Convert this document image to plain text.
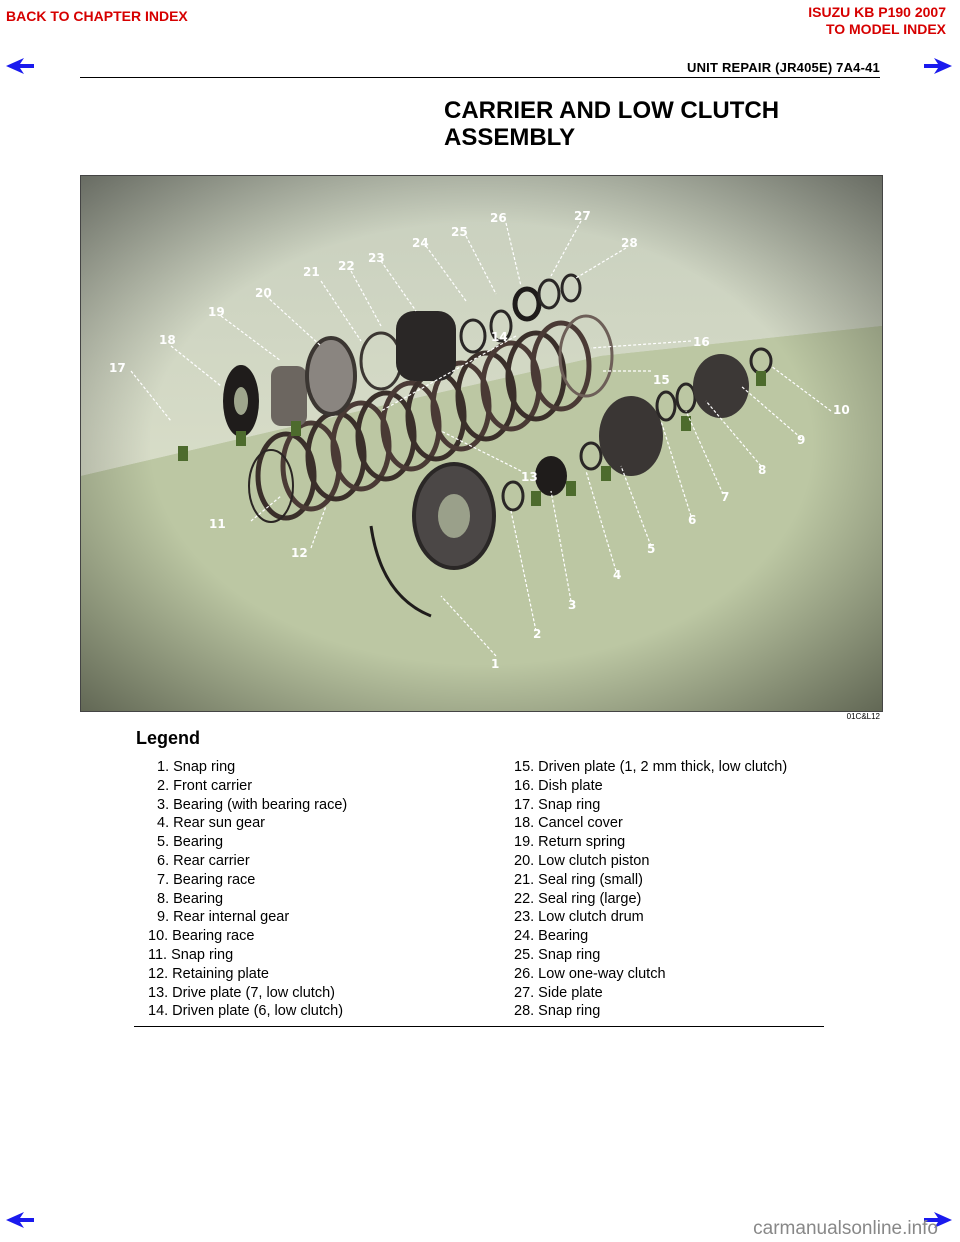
BACK TO CHAPTER INDEX	ISUZU KB P190 2007
TO MODEL INDEX
UNIT REPAIR (JR405E) 7A4-41
CARRIER AND LOW CLUTCH
ASSEMBLY
1
2
3
4
5
6
7
8
9
10
11
12
13
14
15
16
17
18
19
20
21 22
23
24
25
26	27
28
01C&L12
Legend
1. Snap ring
2. Front carrier
3. Bearing (with bearing race)
4. Rear sun gear
5. Bearing
6. Rear carrier
7. Bearing race
8. Bearing
9. Rear internal gear
10. Bearing race
11. Snap ring
12. Retaining plate
13. Drive plate (7, low clutch)
14. Driven plate (6, low clutch)
15. Driven plate (1, 2 mm thick, low clutch)
16. Dish plate
17. Snap ring
18. Cancel cover
19. Return spring
20. Low clutch piston
21. Seal ring (small)
22. Seal ring (large)
23. Low clutch drum
24. Bearing
25. Snap ring
26. Low one-way clutch
27. Side plate
28. Snap ring
carmanualsonline.info
